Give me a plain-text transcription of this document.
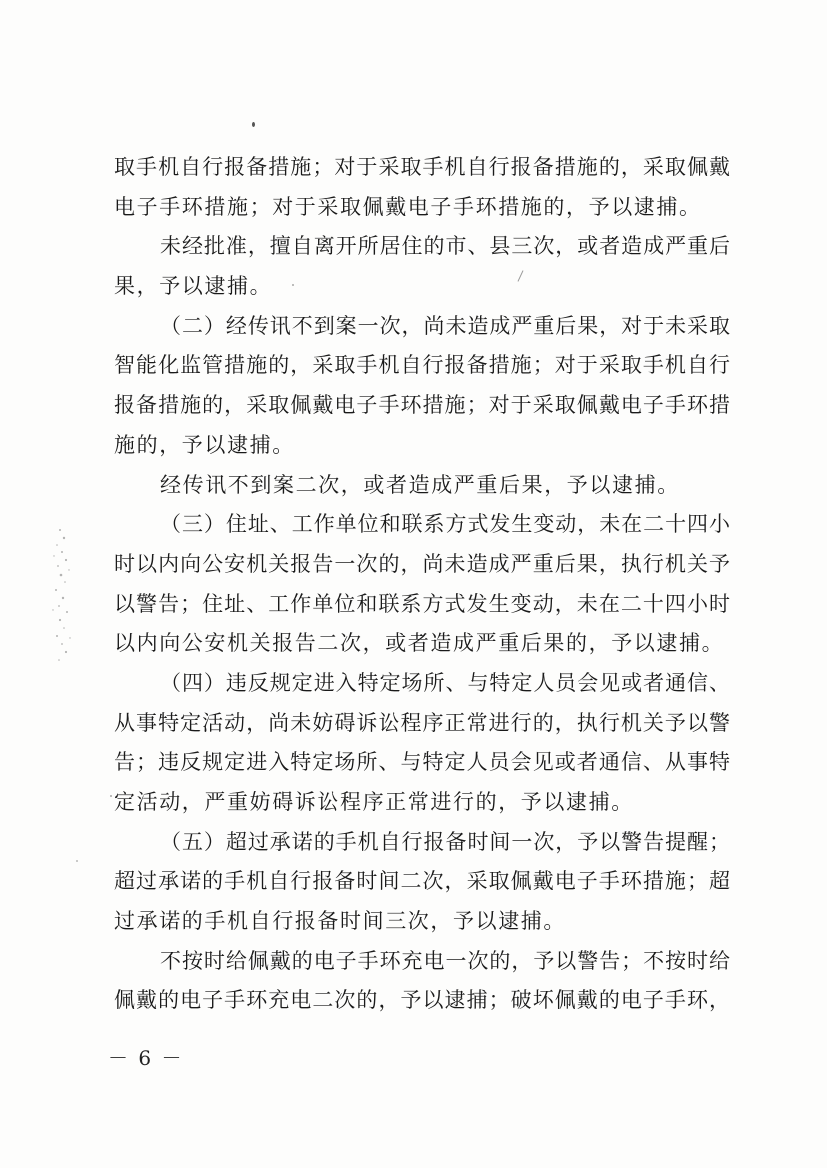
取手机自行报备措施；对于采取手机自行报备措施的，采取佩戴
电子手环措施；对于采取佩戴电子手环措施的，予以逮捕。
未经批准，擅自离开所居住的市、县三次，或者造成严重后
果，予以逮捕。
（二）经传讯不到案一次，尚未造成严重后果，对于未采取
智能化监管措施的，采取手机自行报备措施；对于采取手机自行
报备措施的，采取佩戴电子手环措施；对于采取佩戴电子手环措
施的，予以逮捕。
经传讯不到案二次，或者造成严重后果，予以逮捕。
（三）住址、工作单位和联系方式发生变动，未在二十四小
时以内向公安机关报告一次的，尚未造成严重后果，执行机关予
以警告；住址、工作单位和联系方式发生变动，未在二十四小时
以内向公安机关报告二次，或者造成严重后果的，予以逮捕。
（四）违反规定进入特定场所、与特定人员会见或者通信、
从事特定活动，尚未妨碍诉讼程序正常进行的，执行机关予以警
告；违反规定进入特定场所、与特定人员会见或者通信、从事特
定活动，严重妨碍诉讼程序正常进行的，予以逮捕。
（五）超过承诺的手机自行报备时间一次，予以警告提醒；
超过承诺的手机自行报备时间二次，采取佩戴电子手环措施；超
过承诺的手机自行报备时间三次，予以逮捕。
不按时给佩戴的电子手环充电一次的，予以警告；不按时给
佩戴的电子手环充电二次的，予以逮捕；破坏佩戴的电子手环，
－ 6 －
